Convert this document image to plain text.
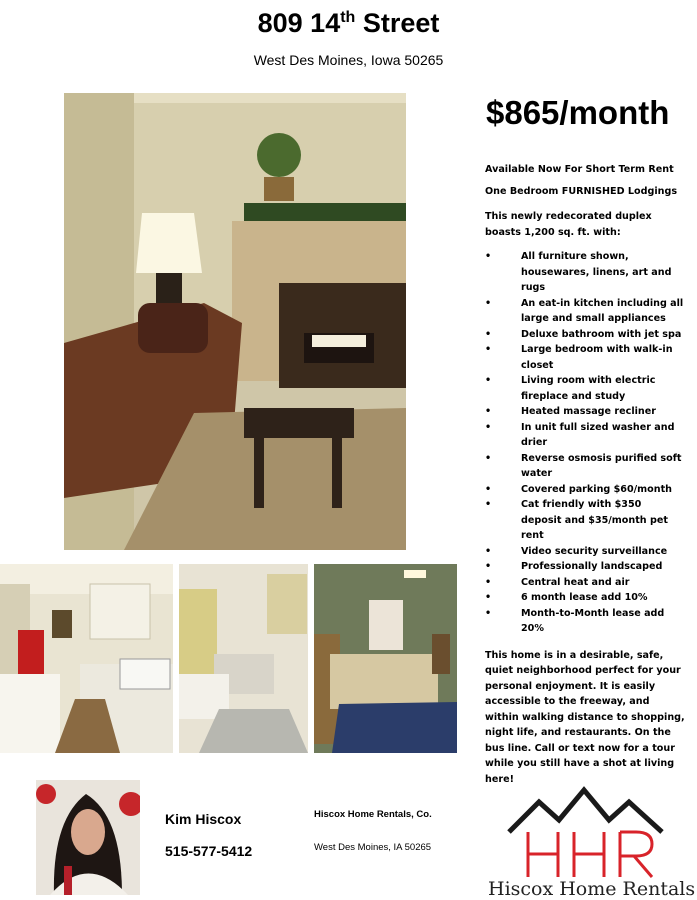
809 14th Street
West Des Moines, Iowa 50265
$865/month

Available Now For Short Term Rent

One Bedroom FURNISHED Lodgings

This newly redecorated duplex boasts 1,200 sq. ft. with:

• All furniture shown, housewares, linens, art and rugs
• An eat-in kitchen including all large and small appliances
• Deluxe bathroom with jet spa
• Large bedroom with walk-in closet
• Living room with electric fireplace and study
• Heated massage recliner
• In unit full sized washer and drier
• Reverse osmosis purified soft water
• Covered parking $60/month
• Cat friendly with $350 deposit and $35/month pet rent
• Video security surveillance
• Professionally landscaped
• Central heat and air
• 6 month lease add 10%
• Month-to-Month lease add 20%

This home is in a desirable, safe, quiet neighborhood perfect for your personal enjoyment. It is easily accessible to the freeway, and within walking distance to shopping, night life, and restaurants. On the bus line. Call or text now for a tour while you still have a shot at living here!

Kim Hiscox
515-577-5412
Hiscox Home Rentals, Co.
West Des Moines, IA 50265
Hiscox Home Rentals
